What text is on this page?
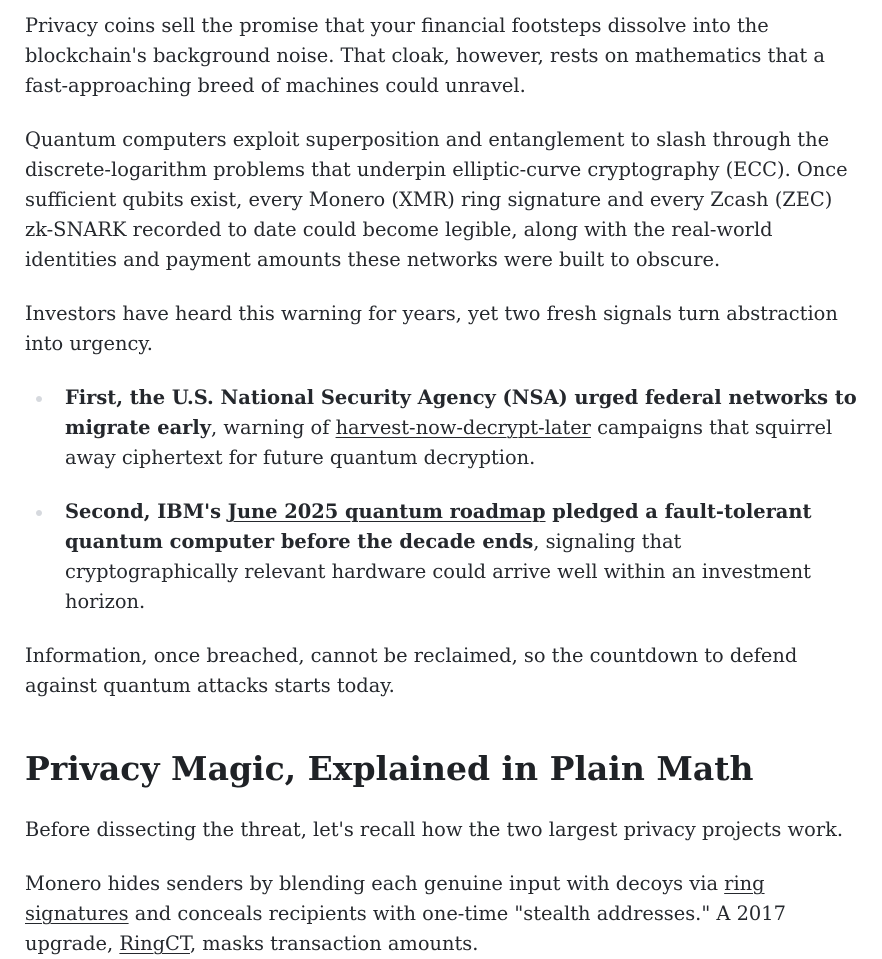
Privacy coins sell the promise that your financial footsteps dissolve into the blockchain's background noise. That cloak, however, rests on mathematics that a fast-approaching breed of machines could unravel.

Quantum computers exploit superposition and entanglement to slash through the discrete-logarithm problems that underpin elliptic-curve cryptography (ECC). Once sufficient qubits exist, every Monero (XMR) ring signature and every Zcash (ZEC) zk-SNARK recorded to date could become legible, along with the real-world identities and payment amounts these networks were built to obscure.

Investors have heard this warning for years, yet two fresh signals turn abstraction into urgency.

First, the U.S. National Security Agency (NSA) urged federal networks to migrate early, warning of harvest-now-decrypt-later campaigns that squirrel away ciphertext for future quantum decryption.
Second, IBM's June 2025 quantum roadmap pledged a fault-tolerant quantum computer before the decade ends, signaling that cryptographically relevant hardware could arrive well within an investment horizon.

Information, once breached, cannot be reclaimed, so the countdown to defend against quantum attacks starts today.

Privacy Magic, Explained in Plain Math

Before dissecting the threat, let's recall how the two largest privacy projects work.

Monero hides senders by blending each genuine input with decoys via ring signatures and conceals recipients with one-time "stealth addresses." A 2017 upgrade, RingCT, masks transaction amounts.
